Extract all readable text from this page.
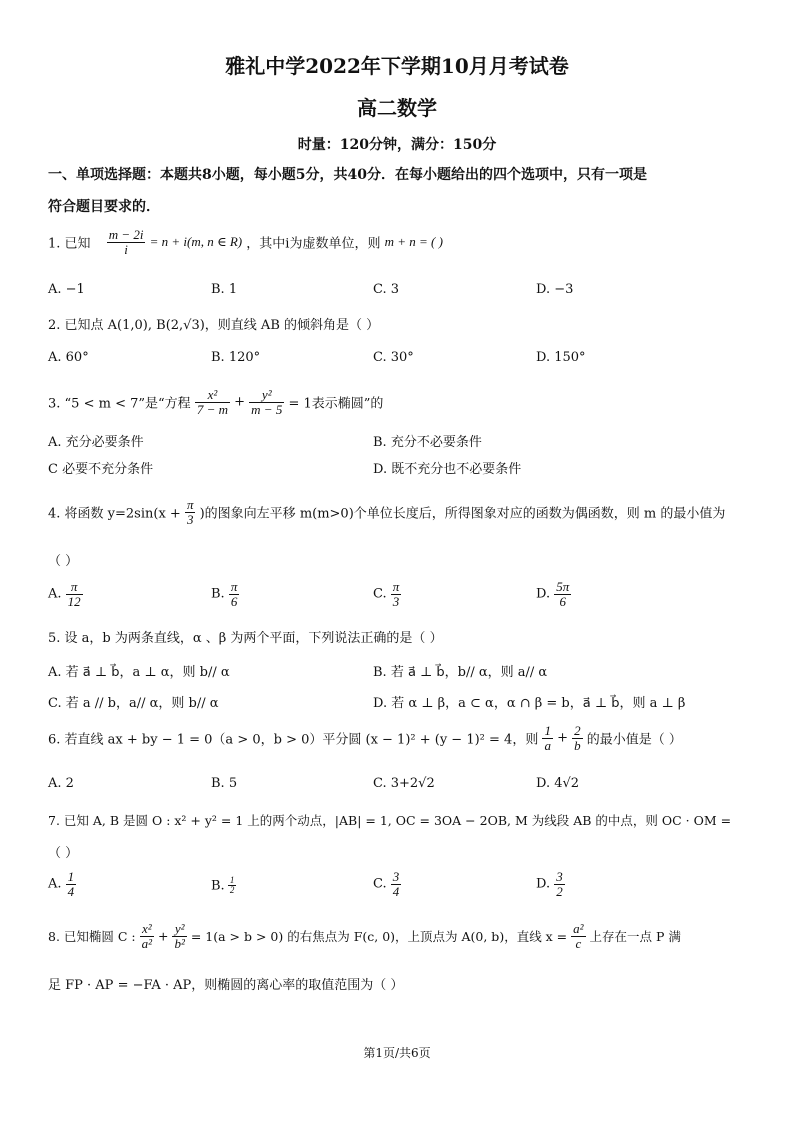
雅礼中学2022年下学期10月月考试卷
高二数学
时量：120分钟，满分：150分
一、单项选择题：本题共8小题，每小题5分，共40分．在每小题给出的四个选项中，只有一项是
符合题目要求的．
1. 已知 $\frac{m - 2i}{i} = n + i(m$, n ∈ R) ，其中i为虚数单位，则 m + n = ( )
A. −1	B. 1	C. 3	D. −3
2. 已知点 A(1,0), B(2,√3)，则直线 AB 的倾斜角是（ ）
A. 60°	B. 120°	C. 30°	D. 150°
3. “5 < m < 7”是“方程 $\frac{\text{x²}}{7 - m} + \frac{\text{y²}}{m - 5} = 1$表示椭圆”的
A. 充分必要条件	B. 充分不必要条件
C 必要不充分条件	D. 既不充分也不必要条件
4. 将函数 $y=2\sin(x + \frac{\pi}{3}$ )的图象向左平移 m(m>0)个单位长度后，所得图象对应的函数为偶函数，则 m 的最小值为
（ ）
A. $\frac{\pi}{12}$	B. $\frac{\pi}{6}$	C. $\frac{\pi}{3}$	D. $\frac{5\pi}{6}$
5. 设 a，b 为两条直线，α 、β 为两个平面，下列说法正确的是（ ）
A. 若 a⃗ ⊥ b⃗，a ⊥ α，则 b// α	B. 若 a⃗ ⊥ b⃗，b// α，则 a// α
C. 若 a // b，a// α，则 b// α	D. 若 α ⊥ β，a ⊂ α，α ∩ β = b，a⃗ ⊥ b⃗，则 a ⊥ β
6. 若直线 ax + by − 1 = 0（a > 0，b > 0）平分圆 (x − 1)² + (y − 1)² = 4，则 $\frac{1}{a} + \frac{2}{b}$ 的最小值是（ ）
A. 2	B. 5	C. 3+2√2	D. 4√2
7. 已知 A, B 是圆 O : x² + y² = 1 上的两个动点，|AB| = 1, OC = 3OA − 2OB, M 为线段 AB 的中点，则 OC · OM =
（ ）
A. $\frac{1}{4}$	B. $\frac{1}{2}$	C. $\frac{3}{4}$	D. $\frac{3}{2}$
8. 已知椭圆 C : $\frac{\text{x²}}{\text{a²}} + \frac{\text{y²}}{\text{b²}} = 1(a > b > 0)$ 的右焦点为 F(c, 0)，上顶点为 A(0, b)，直线 $x = \frac{\text{a²}}{c}$ 上存在一点 P 满
足 FP · AP = −FA · AP，则椭圆的离心率的取值范围为（ ）
第1页/共6页
